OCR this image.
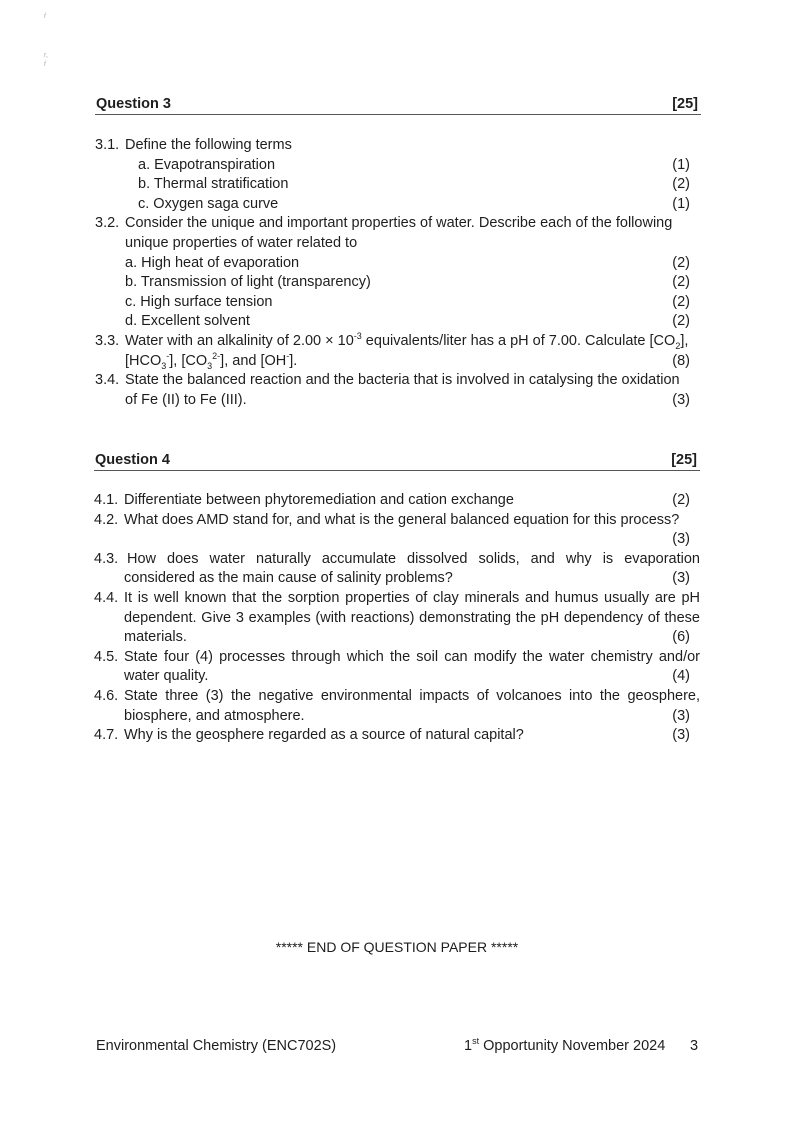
ŕ
r,
ŕ
Question 3	[25]
3.1. Define the following terms
a. Evapotranspiration	(1)
b. Thermal stratification	(2)
c. Oxygen saga curve	(1)
3.2. Consider the unique and important properties of water. Describe each of the following
unique properties of water related to
a. High heat of evaporation	(2)
b. Transmission of light (transparency)	(2)
c. High surface tension	(2)
d. Excellent solvent	(2)
3.3. Water with an alkalinity of $2.00 \times 10^{-3}$ equivalents/liter has a pH of 7.00. Calculate $[CO_2]$,
$[HCO_3^-]$, $[CO_3^{2-}]$, and [OH-].	(8)
3.4. State the balanced reaction and the bacteria that is involved in catalysing the oxidation
of Fe (II) to Fe (III).	(3)
Question 4	[25]
4.1. Differentiate between phytoremediation and cation exchange	(2)
4.2. What does AMD stand for, and what is the general balanced equation for this process?
(3)
4.3. How does water naturally accumulate dissolved solids, and why is evaporation
considered as the main cause of salinity problems?	(3)
4.4. It is well known that the sorption properties of clay minerals and humus usually are pH
dependent. Give 3 examples (with reactions) demonstrating the pH dependency of these
materials.	(6)
4.5. State four (4) processes through which the soil can modify the water chemistry and/or
water quality.	(4)
4.6. State three (3) the negative environmental impacts of volcanoes into the geosphere,
biosphere, and atmosphere.	(3)
4.7. Why is the geosphere regarded as a source of natural capital?	(3)
***** END OF QUESTION PAPER *****
Environmental Chemistry (ENC702S)	1st Opportunity November 2024 3
